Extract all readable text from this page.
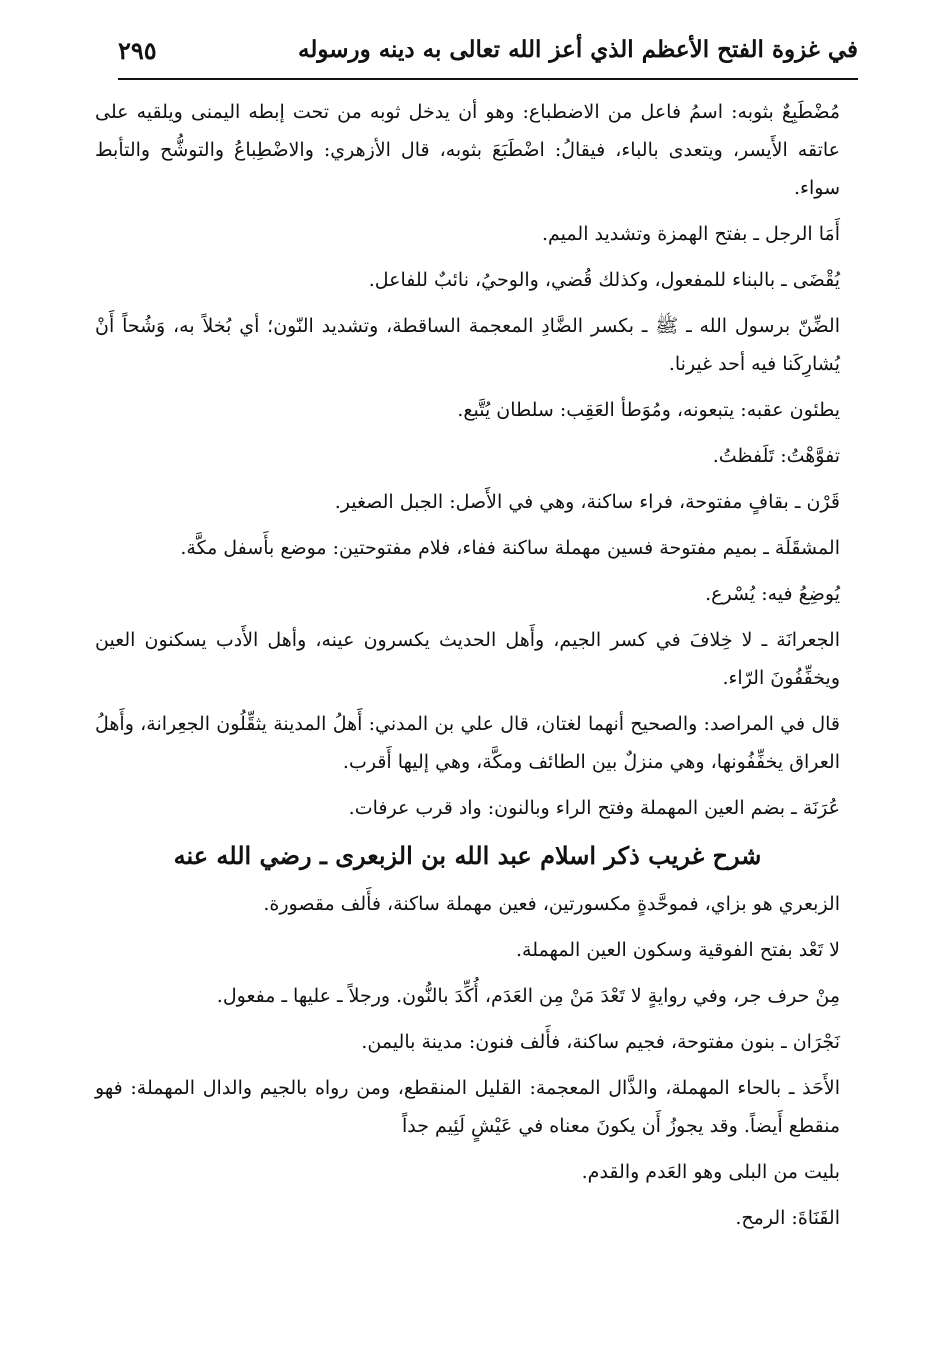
في غزوة الفتح الأعظم الذي أعز الله تعالى به دينه ورسوله
٢٩٥

مُضْطَبِعٌ بثوبه: اسمُ فاعل من الاضطباع: وهو أن يدخل ثوبه من تحت إبطه اليمنى ويلقيه على عاتقه الأَيسر، ويتعدى بالباء، فيقالُ: اضْطَبَعَ بثوبه، قال الأزهري: والاضْطِباعُ والتوشُّح والتأبط سواء.

أَمَا الرجل ـ بفتح الهمزة وتشديد الميم.

يُقْضَى ـ بالبناء للمفعول، وكذلك قُضي، والوحيُ، نائبٌ للفاعل.

الضِّنّ برسول الله ـ ﷺ ـ بكسر الضَّادِ المعجمة الساقطة، وتشديد النّون؛ أي بُخلاً به، وَشُحاً أَنْ يُشارِكَنا فيه أحد غيرنا.

يطئون عقبه: يتبعونه، ومُوَطأ العَقِب: سلطان يُتَّبع.

تفوَّهْتُ: تَلَفظتُ.

قَرْن ـ بقافٍ مفتوحة، فراء ساكنة، وهي في الأَصل: الجبل الصغير.

المشقَلَة ـ بميم مفتوحة فسين مهملة ساكنة ففاء، فلام مفتوحتين: موضع بأَسفل مكَّة.

يُوضِعُ فيه: يُسْرع.

الجعرانَة ـ لا خِلافَ في كسر الجيم، وأَهل الحديث يكسرون عينه، وأهل الأَدب يسكنون العين ويخفِّفُونَ الرّاء.

قال في المراصد: والصحيح أنهما لغتان، قال علي بن المدني: أَهلُ المدينة يثقِّلُون الجعِرانة، وأَهلُ العراق يخفِّفُونها، وهي منزلٌ بين الطائف ومكَّة، وهي إليها أَقرب.

عُرَنَة ـ بضم العين المهملة وفتح الراء وبالنون: واد قرب عرفات.

شرح غريب ذكر اسلام عبد الله بن الزبعرى ـ رضي الله عنه

الزبعري هو بزاي، فموحَّدةٍ مكسورتين، فعين مهملة ساكنة، فأَلف مقصورة.

لا تَعْد بفتح الفوقية وسكون العين المهملة.

مِنْ حرف جر، وفي روايةٍ لا تَعْدَ مَنْ مِن العَدَم، أُكِّدَ بالنُّون. ورجلاً ـ عليها ـ مفعول.

نَجْرَان ـ بنون مفتوحة، فجيم ساكنة، فأَلف فنون: مدينة باليمن.

الأَحَذ ـ بالحاء المهملة، والذَّال المعجمة: القليل المنقطع، ومن رواه بالجيم والدال المهملة: فهو منقطع أَيضاً. وقد يجوزُ أَن يكونَ معناه في عَيْشٍ لَئِيم جداً

بليت من البلى وهو العَدم والقدم.

القَنَاةَ: الرمح.
